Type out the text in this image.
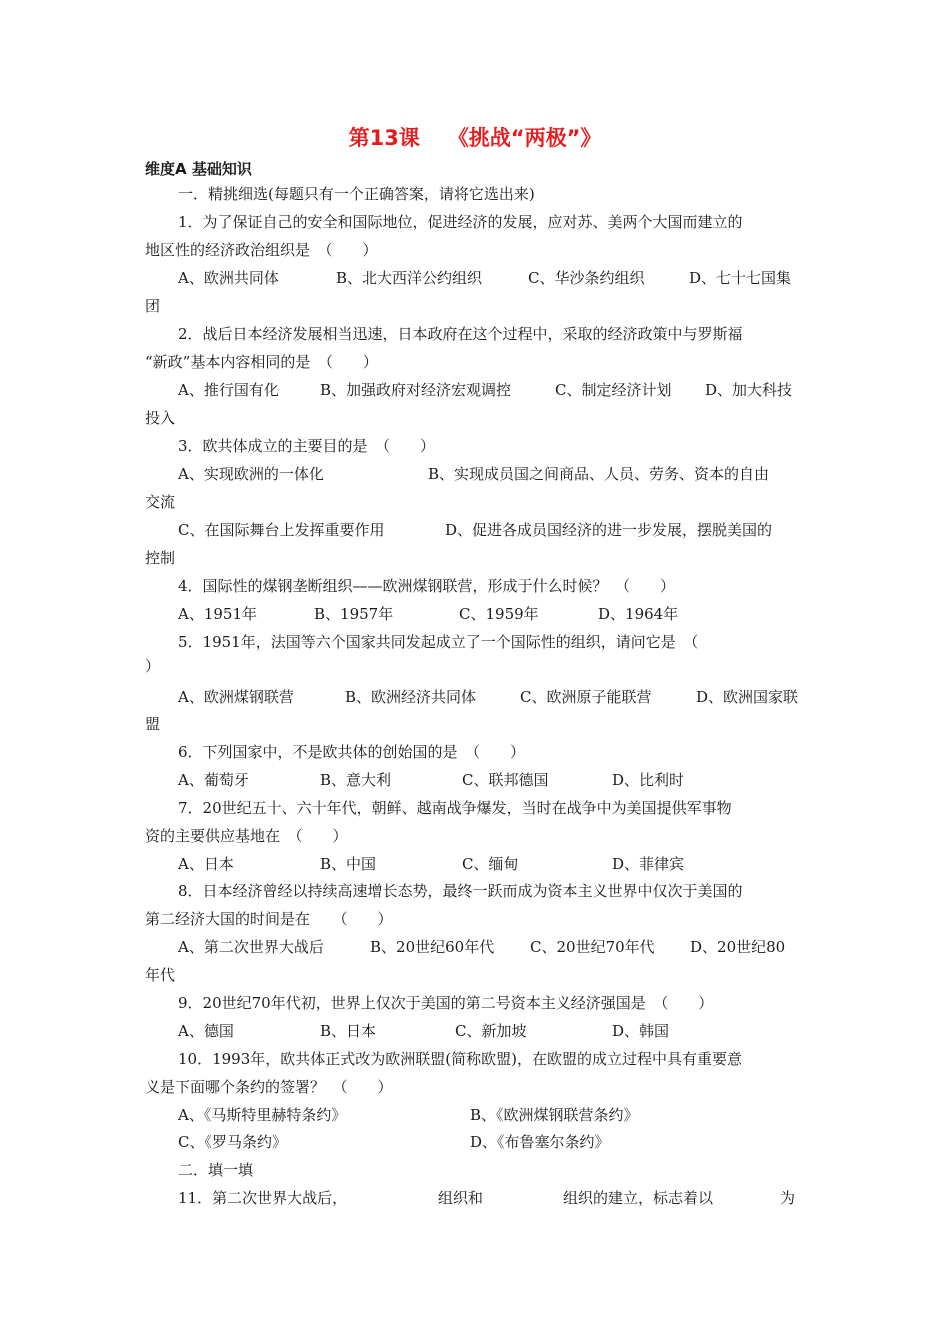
第13课 《挑战“两极”》
维度A 基础知识
一．精挑细选(每题只有一个正确答案，请将它选出来)
1．为了保证自己的安全和国际地位，促进经济的发展，应对苏、美两个大国而建立的
地区性的经济政治组织是　（　　）
A、欧洲共同体	B、北大西洋公约组织	C、华沙条约组织	D、七十七国集
团
2．战后日本经济发展相当迅速，日本政府在这个过程中，采取的经济政策中与罗斯福
“新政”基本内容相同的是　（　　）
A、推行国有化	B、加强政府对经济宏观调控	C、制定经济计划 D、加大科技
投入
3．欧共体成立的主要目的是　（　　）
A、实现欧洲的一体化	B、实现成员国之间商品、人员、劳务、资本的自由
交流
C、在国际舞台上发挥重要作用	D、促进各成员国经济的进一步发展，摆脱美国的
控制
4．国际性的煤钢垄断组织——欧洲煤钢联营，形成于什么时候？　（　　）
A、1951年	B、1957年	C、1959年	D、1964年
5．1951年，法国等六个国家共同发起成立了一个国际性的组织，请问它是　（
）
A、欧洲煤钢联营	B、欧洲经济共同体	C、欧洲原子能联营	D、欧洲国家联
盟
6．下列国家中，不是欧共体的创始国的是　（　　）
A、葡萄牙	B、意大利	C、联邦德国	D、比利时
7．20世纪五十、六十年代，朝鲜、越南战争爆发，当时在战争中为美国提供军事物
资的主要供应基地在　（　　）
A、日本	B、中国	C、缅甸	D、菲律宾
8．日本经济曾经以持续高速增长态势，最终一跃而成为资本主义世界中仅次于美国的
第二经济大国的时间是在　　（　　）
A、第二次世界大战后	B、20世纪60年代 C、20世纪70年代 D、20世纪80
年代
9．20世纪70年代初，世界上仅次于美国的第二号资本主义经济强国是　（　　）
A、德国	B、日本	C、新加坡	D、韩国
10．1993年，欧共体正式改为欧洲联盟(简称欧盟)，在欧盟的成立过程中具有重要意
义是下面哪个条约的签署？　（　　）
A、《马斯特里赫特条约》	B、《欧洲煤钢联营条约》
C、《罗马条约》	D、《布鲁塞尔条约》
二．填一填
11．第二次世界大战后，	组织和	组织的建立，标志着以	为
